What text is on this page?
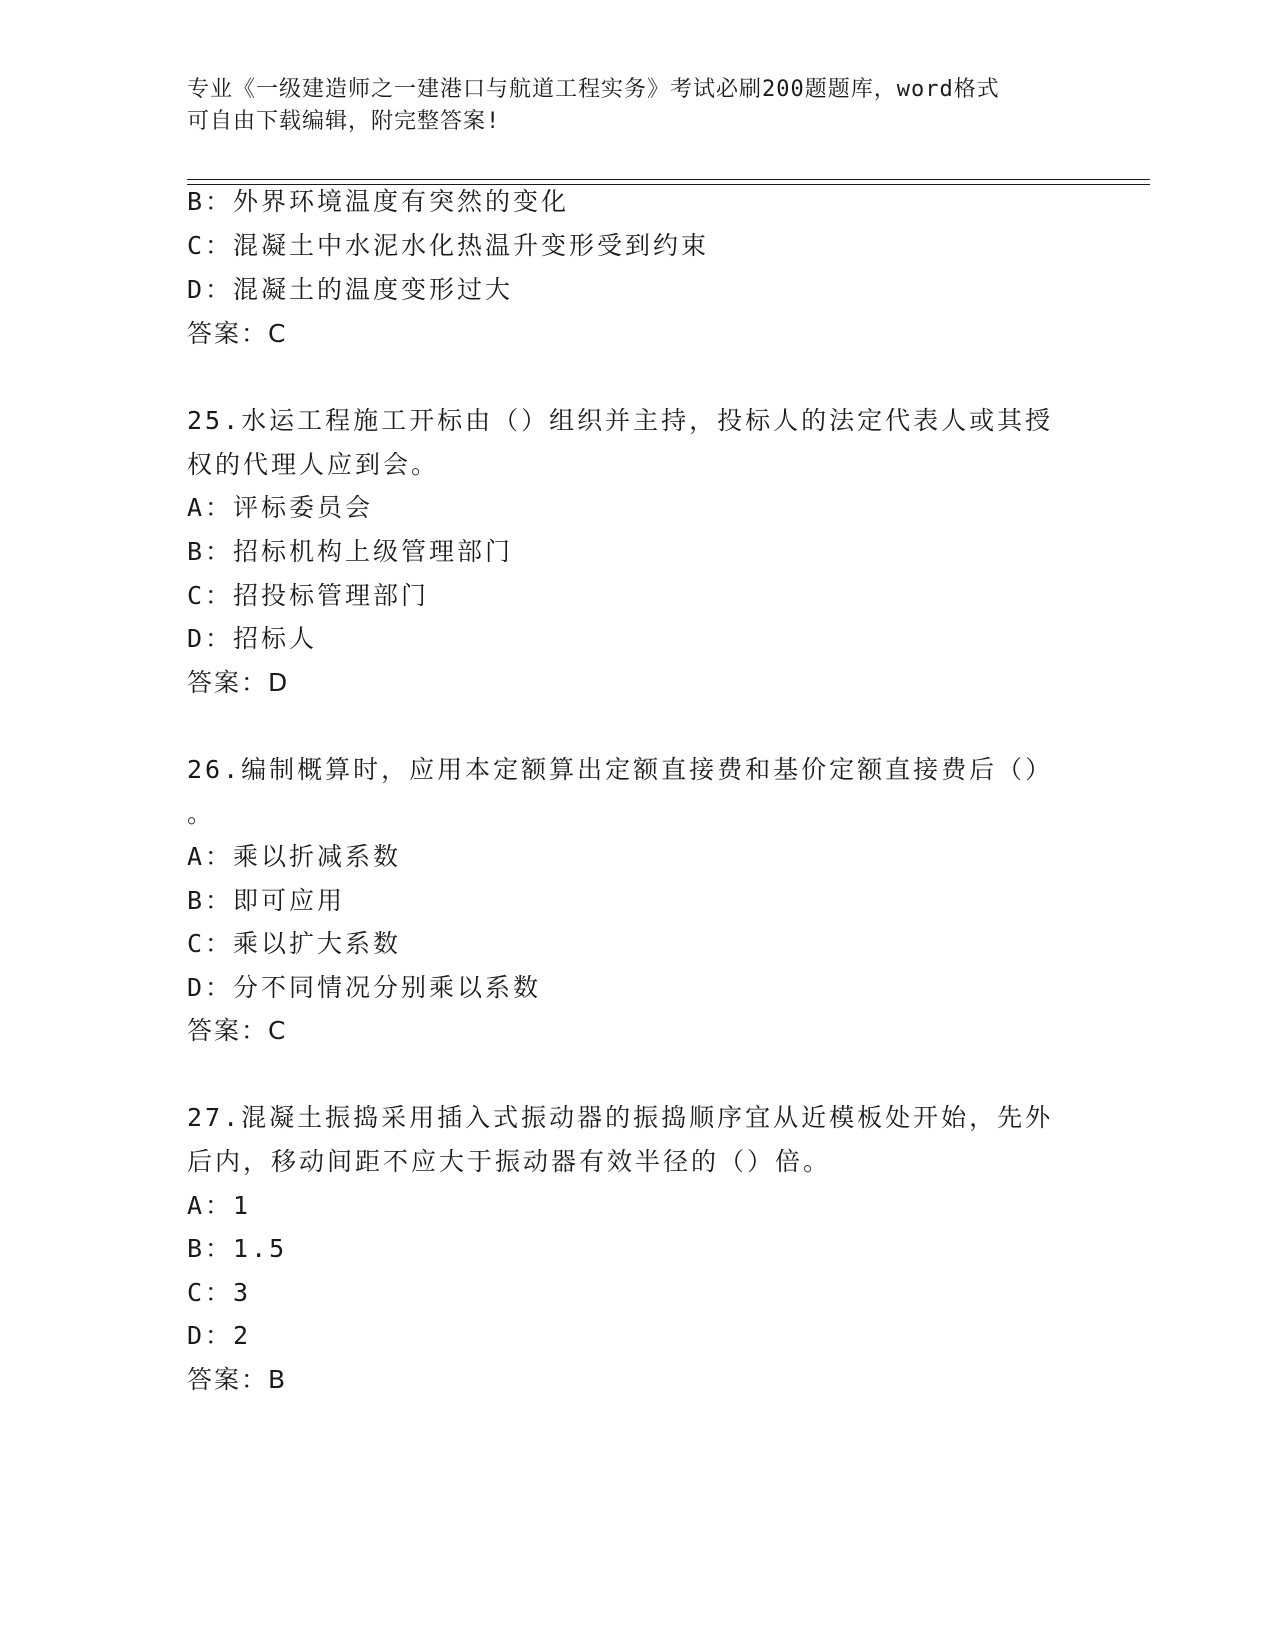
专业《一级建造师之一建港口与航道工程实务》考试必刷200题题库，word格式
可自由下载编辑，附完整答案!
B：外界环境温度有突然的变化
C：混凝土中水泥水化热温升变形受到约束
D：混凝土的温度变形过大
答案：C
25.水运工程施工开标由（）组织并主持，投标人的法定代表人或其授
权的代理人应到会。
A：评标委员会
B：招标机构上级管理部门
C：招投标管理部门
D：招标人
答案：D
26.编制概算时，应用本定额算出定额直接费和基价定额直接费后（）
。
A：乘以折减系数
B：即可应用
C：乘以扩大系数
D：分不同情况分别乘以系数
答案：C
27.混凝土振捣采用插入式振动器的振捣顺序宜从近模板处开始，先外
后内，移动间距不应大于振动器有效半径的（）倍。
A：1
B：1.5
C：3
D：2
答案：B
